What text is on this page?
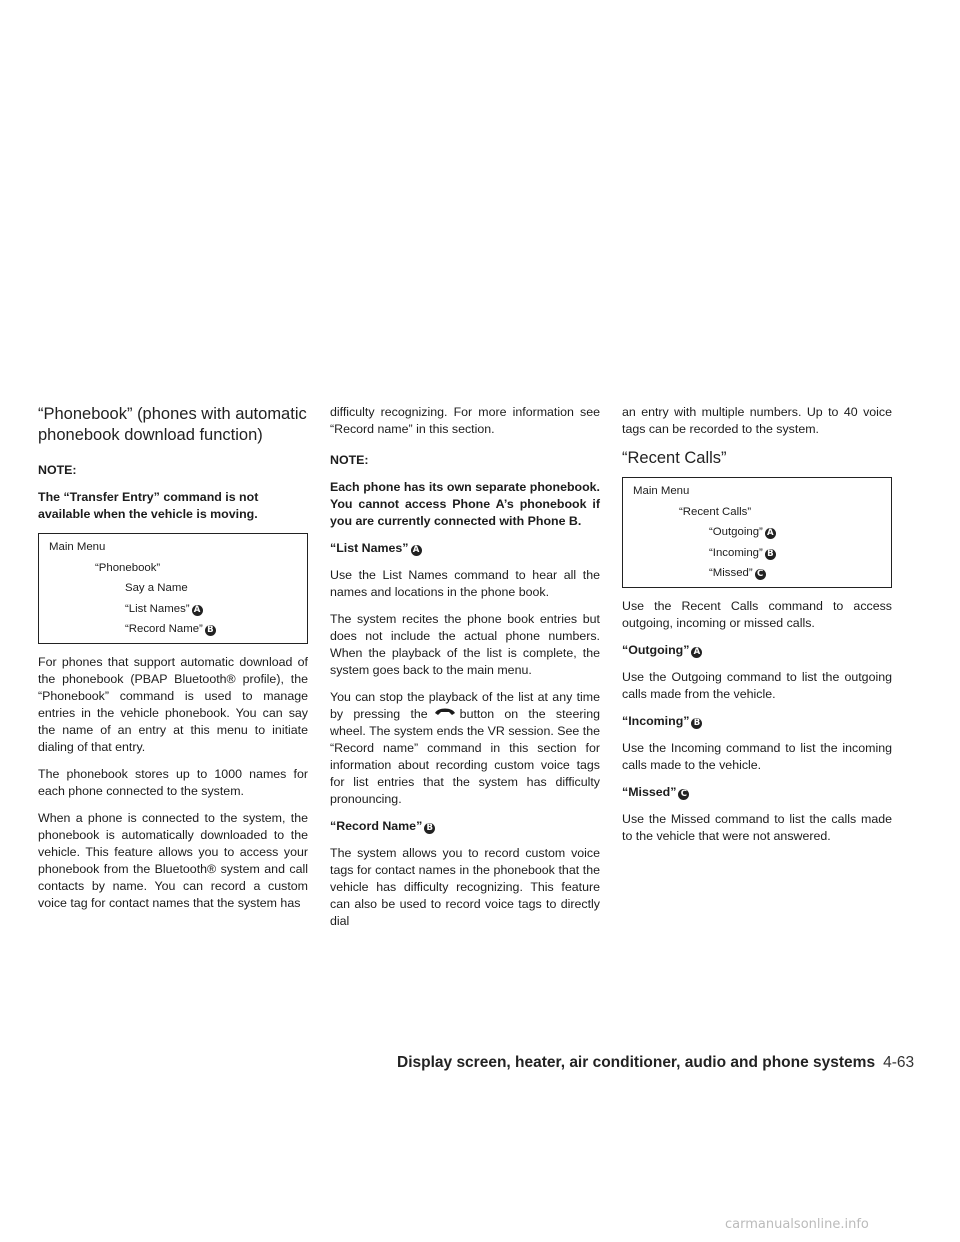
“Phonebook” (phones with automatic phonebook download function)

NOTE:

The “Transfer Entry” command is not available when the vehicle is moving.

Main Menu
“Phonebook”
Say a Name
“List Names” A
“Record Name” B

For phones that support automatic download of the phonebook (PBAP Bluetooth® profile), the “Phonebook” command is used to manage entries in the vehicle phonebook. You can say the name of an entry at this menu to initiate dialing of that entry.

The phonebook stores up to 1000 names for each phone connected to the system.

When a phone is connected to the system, the phonebook is automatically downloaded to the vehicle. This feature allows you to access your phonebook from the Bluetooth® system and call contacts by name. You can record a custom voice tag for contact names that the system has

difficulty recognizing. For more information see “Record name” in this section.

NOTE:

Each phone has its own separate phonebook. You cannot access Phone A’s phonebook if you are currently connected with Phone B.

“List Names” A

Use the List Names command to hear all the names and locations in the phone book.

The system recites the phone book entries but does not include the actual phone numbers. When the playback of the list is complete, the system goes back to the main menu.

You can stop the playback of the list at any time by pressing the	button on the steering wheel. The system ends the VR session. See the “Record name” command in this section for information about recording custom voice tags for list entries that the system has difficulty pronouncing.

“Record Name” B

The system allows you to record custom voice tags for contact names in the phonebook that the vehicle has difficulty recognizing. This feature can also be used to record voice tags to directly dial

an entry with multiple numbers. Up to 40 voice tags can be recorded to the system.

“Recent Calls”
Main Menu
“Recent Calls”
“Outgoing” A
“Incoming” B
“Missed” C

Use the Recent Calls command to access outgoing, incoming or missed calls.

“Outgoing” A

Use the Outgoing command to list the outgoing calls made from the vehicle.

“Incoming” B

Use the Incoming command to list the incoming calls made to the vehicle.

“Missed” C

Use the Missed command to list the calls made to the vehicle that were not answered.

Display screen, heater, air conditioner, audio and phone systems 4-63
carmanualsonline.info
